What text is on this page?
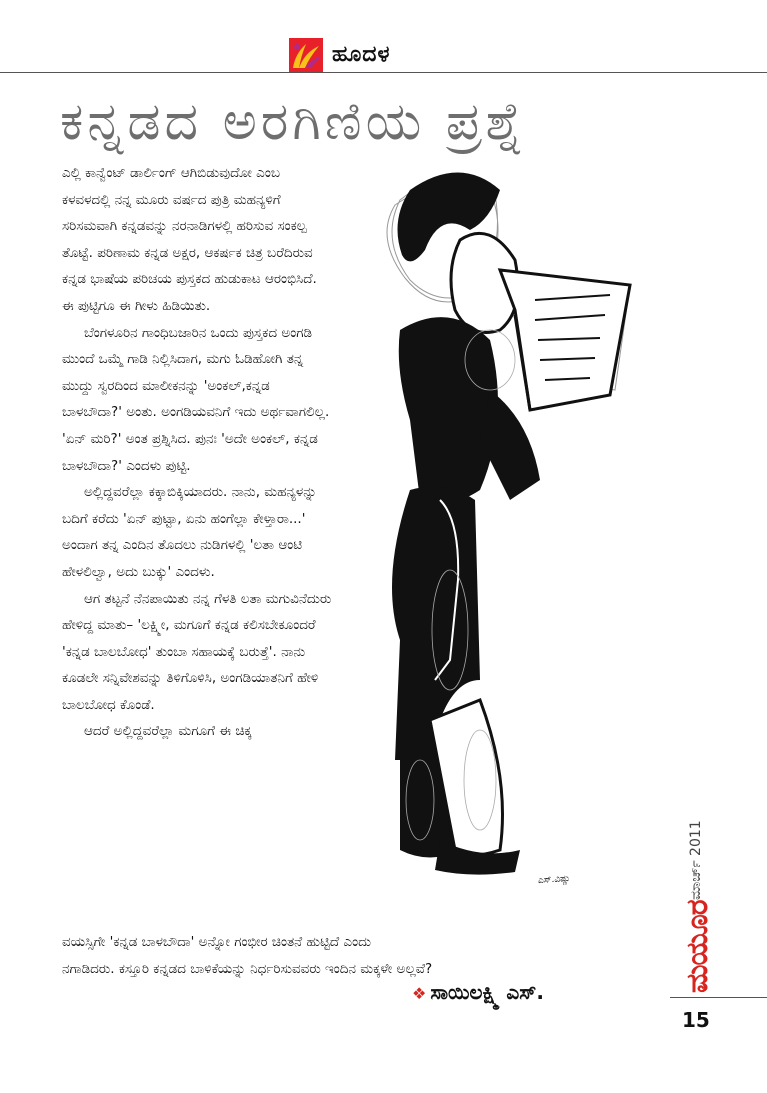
ಹೂದಳ
ಕನ್ನಡದ ಅರಗಿಣಿಯ ಪ್ರಶ್ನೆ

ಎಲ್ಲಿ ಕಾನ್ವೆಂಟ್ ಡಾರ್ಲಿಂಗ್ ಆಗಿಬಿಡುವುದೋ ಎಂಬ ಕಳವಳದಲ್ಲಿ ನನ್ನ ಮೂರು ವರ್ಷದ ಪುತ್ರಿ ಮಹನ್ಯಳಿಗೆ ಸರಿಸಮವಾಗಿ ಕನ್ನಡವನ್ನು ನರನಾಡಿಗಳಲ್ಲಿ ಹರಿಸುವ ಸಂಕಲ್ಪ ತೊಟ್ಟೆ. ಪರಿಣಾಮ ಕನ್ನಡ ಅಕ್ಷರ, ಆಕರ್ಷಕ ಚಿತ್ರ ಬರೆದಿರುವ ಕನ್ನಡ ಭಾಷೆಯ ಪರಿಚಯ ಪುಸ್ತಕದ ಹುಡುಕಾಟ ಆರಂಭಿಸಿದೆ. ಈ ಪುಟ್ಟಿಗೂ ಈ ಗೀಳು ಹಿಡಿಯಿತು.

ಬೆಂಗಳೂರಿನ ಗಾಂಧಿಬಜಾರಿನ ಒಂದು ಪುಸ್ತಕದ ಅಂಗಡಿ ಮುಂದೆ ಒಮ್ಮೆ ಗಾಡಿ ನಿಲ್ಲಿಸಿದಾಗ, ಮಗು ಓಡಿಹೋಗಿ ತನ್ನ ಮುದ್ದು ಸ್ವರದಿಂದ ಮಾಲೀಕನನ್ನು 'ಅಂಕಲ್,ಕನ್ನಡ ಬಾಳಬೌದಾ?' ಅಂತು. ಅಂಗಡಿಯವನಿಗೆ ಇದು ಅರ್ಥವಾಗಲಿಲ್ಲ. 'ಏನ್ ಮರಿ?' ಅಂತ ಪ್ರಶ್ನಿಸಿದ. ಪುನಃ 'ಅದೇ ಅಂಕಲ್, ಕನ್ನಡ ಬಾಳಬೌದಾ?' ಎಂದಳು ಪುಟ್ಟಿ.

ಅಲ್ಲಿದ್ದವರೆಲ್ಲಾ ಕಕ್ಕಾಬಿಕ್ಕಿಯಾದರು. ನಾನು, ಮಹನ್ಯಳನ್ನು ಬದಿಗೆ ಕರೆದು 'ಏನ್ ಪುಟ್ಟಾ, ಏನು ಹಂಗೆಲ್ಲಾ ಕೇಳ್ತಾರಾ...' ಅಂದಾಗ ತನ್ನ ಎಂದಿನ ತೊದಲು ನುಡಿಗಳಲ್ಲಿ 'ಲತಾ ಆಂಟಿ ಹೇಳಲಿಲ್ವಾ, ಅದು ಬುಕ್ಕು' ಎಂದಳು.

ಆಗ ತಟ್ಟನೆ ನೆನಪಾಯಿತು ನನ್ನ ಗೆಳತಿ ಲತಾ ಮಗುವಿನೆದುರು ಹೇಳಿದ್ದ ಮಾತು– 'ಲಕ್ಷ್ಮೀ, ಮಗೂಗೆ ಕನ್ನಡ ಕಲಿಸಬೇಕೂಂದರೆ 'ಕನ್ನಡ ಬಾಲಬೋಧ' ತುಂಬಾ ಸಹಾಯಕ್ಕೆ ಬರುತ್ತೆ'. ನಾನು ಕೂಡಲೇ ಸನ್ನಿವೇಶವನ್ನು ತಿಳಿಗೊಳಿಸಿ, ಅಂಗಡಿಯಾತನಿಗೆ ಹೇಳಿ ಬಾಲಬೋಧ ಕೊಂಡೆ.

ಆದರೆ ಅಲ್ಲಿದ್ದವರೆಲ್ಲಾ ಮಗೂಗೆ ಈ ಚಿಕ್ಕ

ವಯಸ್ಸಿಗೇ 'ಕನ್ನಡ ಬಾಳಬೌದಾ' ಅನ್ನೋ ಗಂಭೀರ ಚಿಂತನೆ ಹುಟ್ಟಿದೆ ಎಂದು
ನಗಾಡಿದರು. ಕಸ್ತೂರಿ ಕನ್ನಡದ ಬಾಳಿಕೆಯನ್ನು ನಿರ್ಧರಿಸುವವರು ಇಂದಿನ ಮಕ್ಕಳೇ ಅಲ್ಲವೆ?
❖ ಸಾಯಿಲಕ್ಷ್ಮಿ ಎಸ್.
ಎಸ್.ವಿಷ್ಣು	ಮಾರ್ಚ್ 2011
ಮಯೂರ
15
